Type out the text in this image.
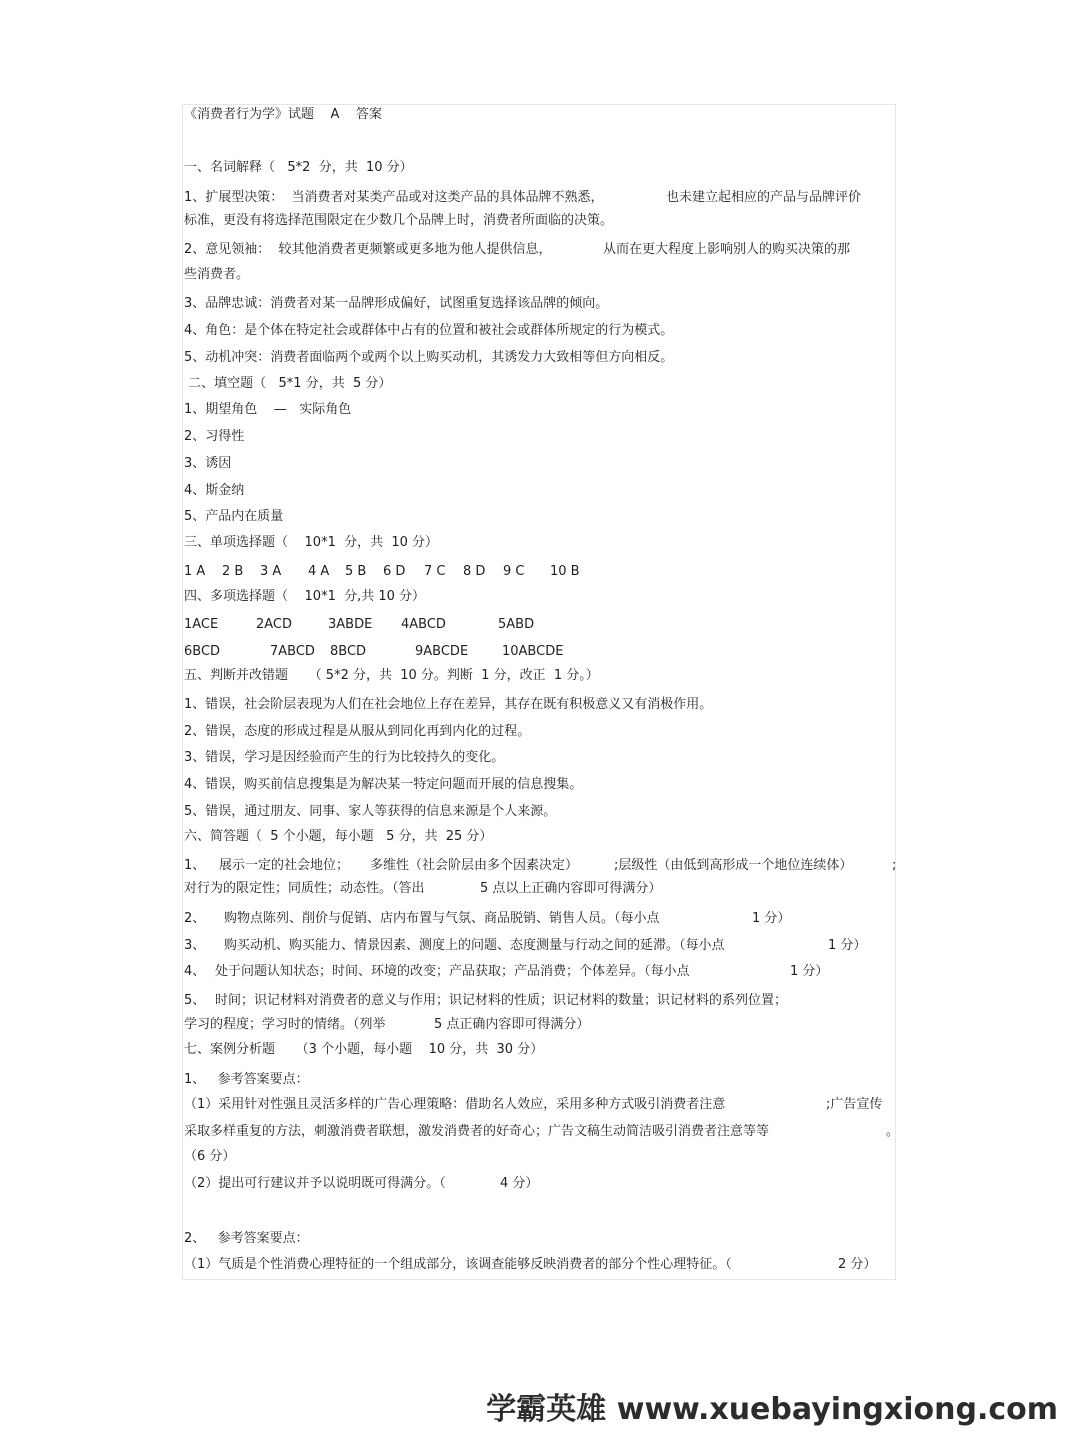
《消费者行为学》试题    A    答案
一、名词解释（   5*2  分，共  10 分）
1、扩展型决策：  当消费者对某类产品或对这类产品的具体品牌不熟悉，	也未建立起相应的产品与品牌评价
标准，更没有将选择范围限定在少数几个品牌上时，消费者所面临的决策。
2、意见领袖：  较其他消费者更频繁或更多地为他人提供信息，	从而在更大程度上影响别人的购买决策的那
些消费者。
3、品牌忠诚：消费者对某一品牌形成偏好，试图重复选择该品牌的倾向。
4、角色：是个体在特定社会或群体中占有的位置和被社会或群体所规定的行为模式。
5、动机冲突：消费者面临两个或两个以上购买动机，其诱发力大致相等但方向相反。
二、填空题（   5*1 分，共  5 分）
1、期望角色    —   实际角色
2、习得性
3、诱因
4、斯金纳
5、产品内在质量
三、单项选择题（    10*1  分，共  10 分）
1 A 2 B 3 A 4 A 5 B 6 D 7 C 8 D 9 C 10 B
四、多项选择题（    10*1  分,共 10 分）
1ACE	2ACD	3ABDE 4ABCD	5ABD
6BCD	7ABCD 8BCD	9ABCDE	10ABCDE
五、判断并改错题     （ 5*2 分，共  10 分。判断  1 分，改正  1 分。）
1、错误，社会阶层表现为人们在社会地位上存在差异，其存在既有积极意义又有消极作用。
2、错误，态度的形成过程是从服从到同化再到内化的过程。
3、错误，学习是因经验而产生的行为比较持久的变化。
4、错误，购买前信息搜集是为解决某一特定问题而开展的信息搜集。
5、错误，通过朋友、同事、家人等获得的信息来源是个人来源。
六、简答题（  5 个小题，每小题   5 分，共  25 分）
1、 展示一定的社会地位； 多维性（社会阶层由多个因素决定）	;层级性（由低到高形成一个地位连续体）	;
对行为的限定性；同质性；动态性。（答出	5 点以上正确内容即可得满分）
2、 购物点陈列、削价与促销、店内布置与气氛、商品脱销、销售人员。（每小点	1 分）
3、 购买动机、购买能力、情景因素、测度上的问题、态度测量与行动之间的延滞。（每小点	1 分）
4、 处于问题认知状态；时间、环境的改变；产品获取；产品消费；个体差异。（每小点	1 分）
5、 时间；识记材料对消费者的意义与作用；识记材料的性质；识记材料的数量；识记材料的系列位置；
学习的程度；学习时的情绪。（列举	5 点正确内容即可得满分）
七、案例分析题     （3 个小题，每小题    10 分，共  30 分）
1、   参考答案要点：
（1）采用针对性强且灵活多样的广告心理策略：借助名人效应，采用多种方式吸引消费者注意	;广告宣传
采取多样重复的方法，刺激消费者联想，激发消费者的好奇心；广告文稿生动简洁吸引消费者注意等等	。
（6 分）
（2）提出可行建议并予以说明既可得满分。（	4 分）
2、   参考答案要点：
（1）气质是个性消费心理特征的一个组成部分，该调查能够反映消费者的部分个性心理特征。（	2 分）
学霸英雄 www.xuebayingxiong.com
